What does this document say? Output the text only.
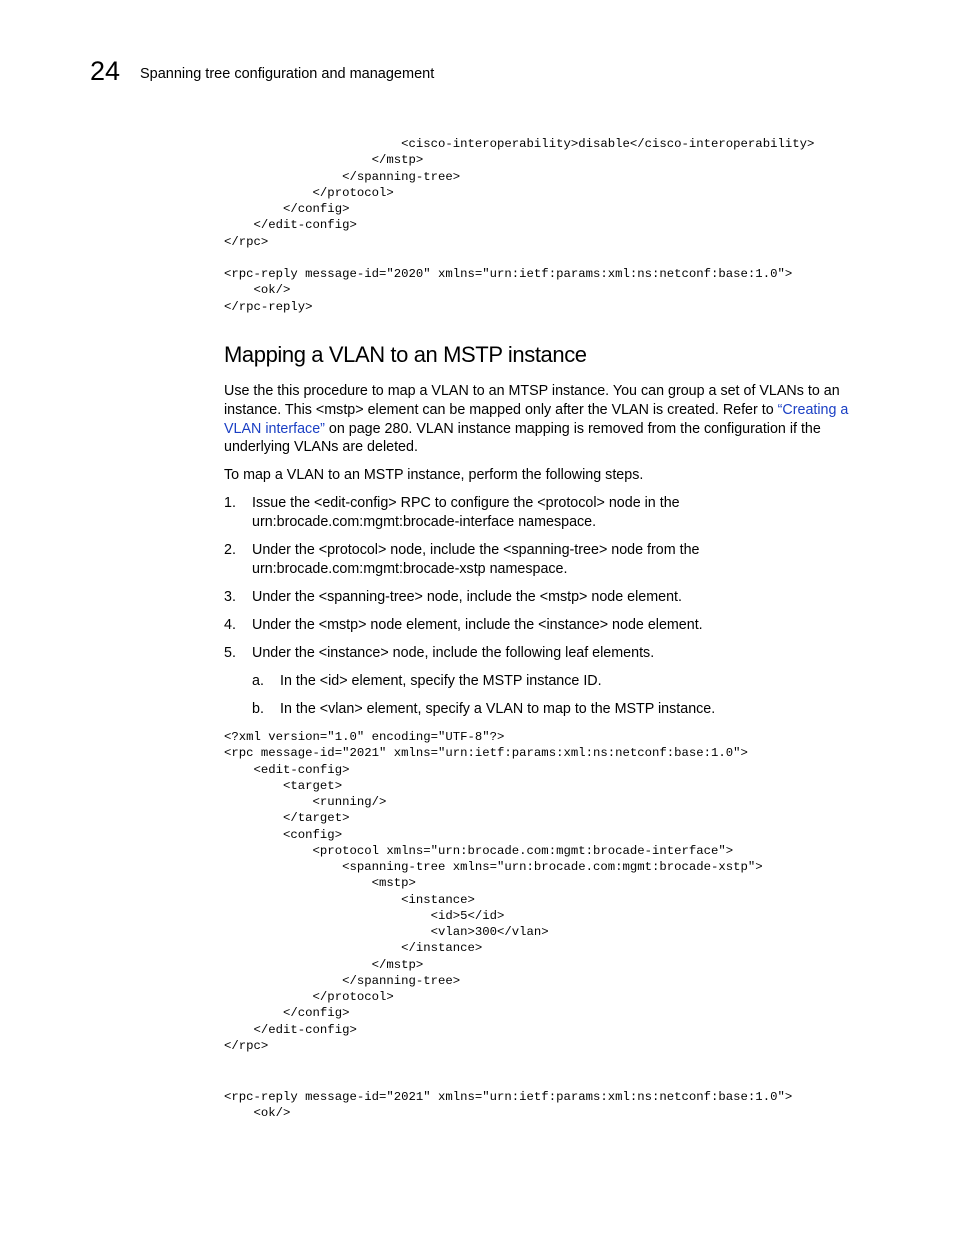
24 Spanning tree configuration and management
<cisco-interoperability>disable</cisco-interoperability>
</mstp>
</spanning-tree>
</protocol>
</config>
</edit-config>
</rpc>
<rpc-reply message-id="2020" xmlns="urn:ietf:params:xml:ns:netconf:base:1.0">
<ok/>
</rpc-reply>
Mapping a VLAN to an MSTP instance

Use the this procedure to map a VLAN to an MTSP instance. You can group a set of VLANs to an instance. This <mstp> element can be mapped only after the VLAN is created. Refer to “Creating a VLAN interface” on page 280. VLAN instance mapping is removed from the configuration if the underlying VLANs are deleted.

To map a VLAN to an MSTP instance, perform the following steps.

1. Issue the <edit-config> RPC to configure the <protocol> node in the urn:brocade.com:mgmt:brocade-interface namespace.
2. Under the <protocol> node, include the <spanning-tree> node from the urn:brocade.com:mgmt:brocade-xstp namespace.
3. Under the <spanning-tree> node, include the <mstp> node element.
4. Under the <mstp> node element, include the <instance> node element.
5. Under the <instance> node, include the following leaf elements.
a. In the <id> element, specify the MSTP instance ID.
b. In the <vlan> element, specify a VLAN to map to the MSTP instance.
<?xml version="1.0" encoding="UTF-8"?>
<rpc message-id="2021" xmlns="urn:ietf:params:xml:ns:netconf:base:1.0">
<edit-config>
<target>
<running/>
</target>
<config>
<protocol xmlns="urn:brocade.com:mgmt:brocade-interface">
<spanning-tree xmlns="urn:brocade.com:mgmt:brocade-xstp">
<mstp>
<instance>
<id>5</id>
<vlan>300</vlan>
</instance>
</mstp>
</spanning-tree>
</protocol>
</config>
</edit-config>
</rpc>
<rpc-reply message-id="2021" xmlns="urn:ietf:params:xml:ns:netconf:base:1.0">
<ok/>
